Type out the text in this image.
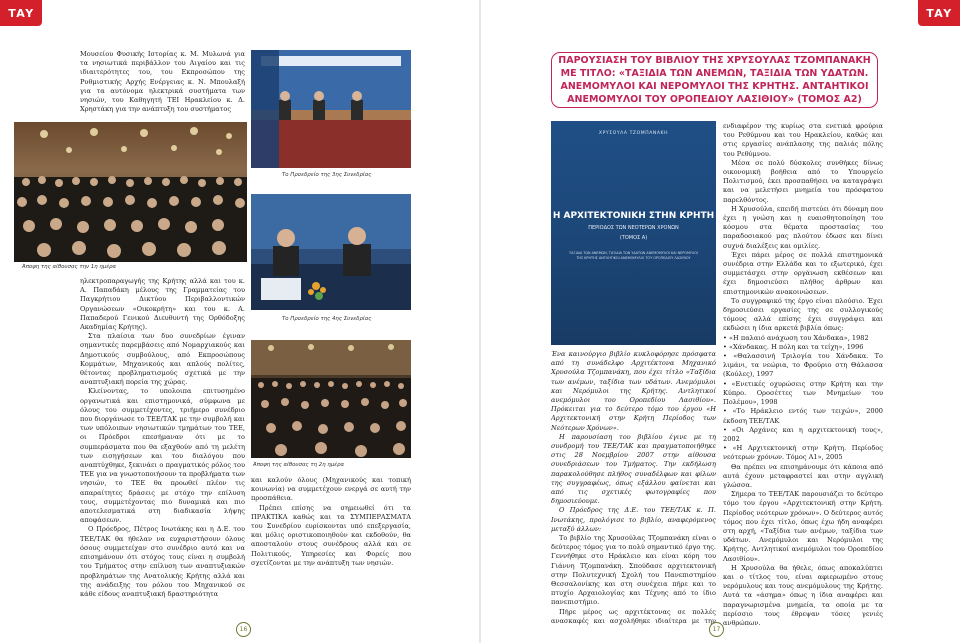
ΤΑΥ	ΤΑΥ

Μουσείου Φυσικής Ιστορίας κ. Μ. Μυλωνά για τα νησιωτικά περιβάλλον του Αιγαίου και τις ιδιαιτερότητες του, του Εκπροσώπου της Ρυθμιστικής Αρχής Ενέργειας κ. Ν. Μπουλαξή για τα αυτόνομα ηλεκτρικά συστήματα των νησιών, του Καθηγητή ΤΕΙ Ηρακλείου κ. Δ. Χρηστάκη για την ανάπτυξη του συστήματος

Άποψη της αίθουσας την 1η ημέρα

ηλεκτροπαραγωγής της Κρήτης αλλά και του κ. Α. Παπαδάκη μέλους της Γραμματείας του Παγκρήτιου Δικτύου Περιβαλλοντικών Οργανώσεων «Οικοκρήτη» και του κ. Α. Παπαδερού Γενικού Διευθυντή της Ορθόδοξης Ακαδημίας Κρήτης).

Στα πλαίσια των δυο συνεδρίων έγιναν σημαντικές παρεμβάσεις από Νομαρχιακούς και Δημοτικούς συμβούλους, από Εκπροσώπους Κομμάτων, Μηχανικούς και απλούς πολίτες, θέτοντας προβληματισμούς σχετικά με την αναπτυξιακή πορεία της χώρας.

Κλείνοντας, το υπολοιπα επιτυσημένο οργανωτικά και επιστημονικά, σύμφωνα με όλους του συμμετέχοντες, τριήμερο συνέδριο που διοργάνωσε το ΤΕΕ/ΤΑΚ με την συμβολή και των υπόλοιπων νησιωτικών τμημάτων του ΤΕΕ, οι Πρόεδροι επεσήμαναν ότι με το συμπεράσματα που θα εξαχθούν από τη μελέτη των εισηγήσεων και του διαλόγου που αναπτύχθηκε, ξεκινάει ο πραγματικός ρόλος του ΤΕΕ για να γνωστοποιήσουν τα προβλήματα των νησιών, το ΤΕΕ θα προωθεί πλέον τις απαραίτητες δράσεις με στόχο την επίλυση τους, συμμετέχοντας πιο δυναμικά και πιο αποτελεσματικά στη διαδικασία λήψης αποφάσεων.

Ο Πρόεδρος, Πέτρος Ινωτάκης και η Δ.Ε. του ΤΕΕ/ΤΑΚ θα ήθελαν να ευχαριστήσουν όλους όσους συμμετείχαν στο συνέδριο αυτό και να επισημάνουν ότι στόχος τους είναι η συμβολή του Τμήματος στην επίλυση των αναπτυξιακών προβλημάτων της Ανατολικής Κρήτης αλλά και της ανάδειξης του ρόλου του Μηχανικού σε κάθε είδους αναπτυξιακή δραστηριότητα

Το Προεδρείο της 3ης Συνεδρίας
Το Προεδρείο της 4ης Συνεδρίας
Άποψη της αίθουσας τη 2η ημέρα

και καλούν όλους (Μηχανικούς και τοπική κοινωνία) να συμμετέχουν ενεργά σε αυτή την προσπάθεια.

Πρέπει επίσης να σημειωθεί ότι τα ΠΡΑΚΤΙΚΑ καθώς και τα ΣΥΜΠΕΡΑΣΜΑΤΑ του Συνεδρίου ευρίσκονται υπό επεξεργασία, και μόλις οριστικοποιηθούν και εκδοθούν, θα αποσταλούν στους συνέδρους αλλά και σε Πολιτικούς, Υπηρεσίες και Φορείς που σχετίζονται με την ανάπτυξη των νησιών.

16
ΠΑΡΟΥΣΙΑΣΗ ΤΟΥ ΒΙΒΛΙΟΥ ΤΗΣ ΧΡΥΣΟΥΛΑΣ ΤΖΟΜΠΑΝΑΚΗ ΜΕ ΤΙΤΛΟ: «ΤΑΞΙΔΙΑ ΤΩΝ ΑΝΕΜΩΝ, ΤΑΞΙΔΙΑ ΤΩΝ ΥΔΑΤΩΝ. ΑΝΕΜΟΜΥΛΟΙ ΚΑΙ ΝΕΡΟΜΥΛΟΙ ΤΗΣ ΚΡΗΤΗΣ. ΑΝΤΑΗΤΙΚΟΙ ΑΝΕΜΟΜΥΛΟΙ ΤΟΥ ΟΡΟΠΕΔΙΟΥ ΛΑΣΙΘΙΟΥ» (ΤΟΜΟΣ Α2)
ΧΡΥΣΟΥΛΑ ΤΖΟΜΠΑΝΑΚΗ
Η ΑΡΧΙΤΕΚΤΟΝΙΚΗ ΣΤΗΝ ΚΡΗΤΗ
ΠΕΡΙΟΔΟΣ ΤΩΝ ΝΕΟΤΕΡΩΝ ΧΡΟΝΩΝ
(ΤΟΜΟΣ Α)
ΤΑΞΙΔΙΑ ΤΩΝ ΑΝΕΜΩΝ, ΤΑΞΙΔΙΑ ΤΩΝ ΥΔΑΤΩΝ ΑΝΕΜΟΜΥΛΟΙ ΚΑΙ ΝΕΡΟΜΥΛΟΙ ΤΗΣ ΚΡΗΤΗΣ ΑΝΤΛΗΤΙΚΟΙ ΑΝΕΜΟΜΥΛΟΙ ΤΟΥ ΟΡΟΠΕΔΙΟΥ ΛΑΣΙΘΙΟΥ

Ένα καινούργιο βιβλίο κυκλοφόρησε πρόσφατα από τη συνάδελφο Αρχιτέκτονα Μηχανικό Χρυσούλα Τζομπανάκη, που έχει τίτλο «Ταξίδια των ανέμων, ταξίδια των υδάτων. Ανεμόμυλοι και Νερόμυλοι της Κρήτης. Αντλητικοί ανεμόμυλοι του Οροπεδίου Λασιθίου». Πρόκειται για το δεύτερο τόμο του έργου «Η Αρχιτεκτονική στην Κρήτη Περίοδος των Νεότερων Χρόνων».

Η παρουσίαση του βιβλίου έγινε με τη συνδρομή του ΤΕΕ/ΤΑΚ και πραγματοποιήθηκε στις 28 Νοεμβρίου 2007 στην αίθουσα συνεδριάσεων του Τμήματος. Την εκδήλωση παρακολούθησε πλήθος συναδέλφων και φίλων της συγγραφέως, όπως εξάλλου φαίνεται και από τις σχετικές φωτογραφίες που δημοσιεύουμε.

Ο Πρόεδρος της Δ.Ε. του ΤΕΕ/ΤΑΚ κ. Π. Ινωτάκης, προλόγισε το βιβλίο, αναφερόμενος μεταξύ άλλων:

Το βιβλίο της Χρυσούλας Τζομπανάκη είναι ο δεύτερος τόμος για το πολύ σημαντικό έργο της. Γεννήθηκε στο Ηράκλειο και είναι κόρη του Γιάννη Τζομπανάκη. Σπούδασε αρχιτεκτονική στην Πολυτεχνική Σχολή του Πανεπιστημίου Θεσσαλονίκης και στη συνέχεια πήρε και το πτυχίο Αρχαιολογίας και Τέχνης από το ίδιο πανεπιστήμιο.

Πήρε μέρος ως αρχιτέκτονας σε πολλές ανασκαφές και ασχολήθηκε ιδιαίτερα με την

ενδιαφέρον της κυρίως στα ενετικά φρούρια του Ρεθύμνου και του Ηρακλείου, καθώς και στις εργασίες ανάπλασης της παλιάς πόλης του Ρεθύμνου.

Μέσα σε πολύ δύσκολες συνθήκες δίνως οικονομική βοήθεια από το Υπουργείο Πολιτισμού, έκει προσπαθήσει να καταγράψει και να μελετήσει μνημεία του πρόσφατου παρελθόντος.

Η Χρυσούλα, επειδή πιστεύει ότι δύναμη που έχει η γνώση και η ευαισθητοποίηση του κόσμου στα θέματα προστασίας του παραδοσιακού μας πλούτου έδωσε και δίνει συχνά διαλέξεις και ομιλίες.

Έχει πάρει μέρος σε πολλά επιστημονικά συνέδρια στην Ελλάδα και το εξωτερικό, έχει συμμετάσχει στην οργάνωση εκθέσεων και έχει δημοσιεύσει πλήθος άρθρων και επιστημονικών ανακοινώσεων.

Το συγγραφικό της έργο είναι πλούσιο. Έχει δημοσιεύσει εργασίες της σε συλλογικούς τόμους αλλά επίσης έχει συγγράψει και εκδώσει η ίδια αρκετά βιβλία όπως:

• «Η παλαιό ανάχωση του Χάνδακα», 1982
• «Χάνδακας. Η πόλη και τα τείχη», 1996
• «Θαλασσινή Τριλογία του Χάνδακα. Το λιμάνι, τα νεώρια, το Φρούριο στη Θάλασσα (Κούλες), 1997
• «Ενετικές οχυρώσεις στην Κρήτη και την Κύπρο. Οροσέττες των Μνημείων του Πολέμου», 1998
• «Το Ηράκλειο εντός των τειχών», 2000 έκδοση ΤΕΕ/ΤΑΚ
• «Οι Αρχάνες και η αρχιτεκτονική τους», 2002
• «Η Αρχιτεκτονική στην Κρήτη. Περίοδος νεότερων χρόνων. Τόμος Α1», 2005

Θα πρέπει να επισημάνουμε ότι κάποια από αυτά έχουν μεταφραστεί και στην αγγλική γλώσσα.

Σήμερα το ΤΕΕ/ΤΑΚ παρουσιάζει το δεύτερο τόμο του έργου «Αρχιτεκτονική στην Κρήτη. Περίοδος νεότερων χρόνων». Ο δεύτερος αυτός τόμος που έχει τίτλο, όπως έχω ήδη αναφέρει στη αρχή, «Ταξίδια των ανέμων, ταξίδια των υδάτων. Ανεμόμυλοι και Νερόμυλοι της Κρήτης. Αντλητικοί ανεμόμυλοι του Οροπεδίου Λασιθίου».

Η Χρυσούλα θα ήθελε, όπως αποκαλύπτει και ο τίτλος του, είναι αφιερωμένο στους νερόμυλους και τους ανεμόμυλους της Κρήτης. Αυτά τα «άσημα» όπως η ίδια αναφέρει και παραγνωρισμένα μνημεία, τα οποία με τα περίσσιο τους έθρεψαν τόσες γενιές ανθρώπων.

17
